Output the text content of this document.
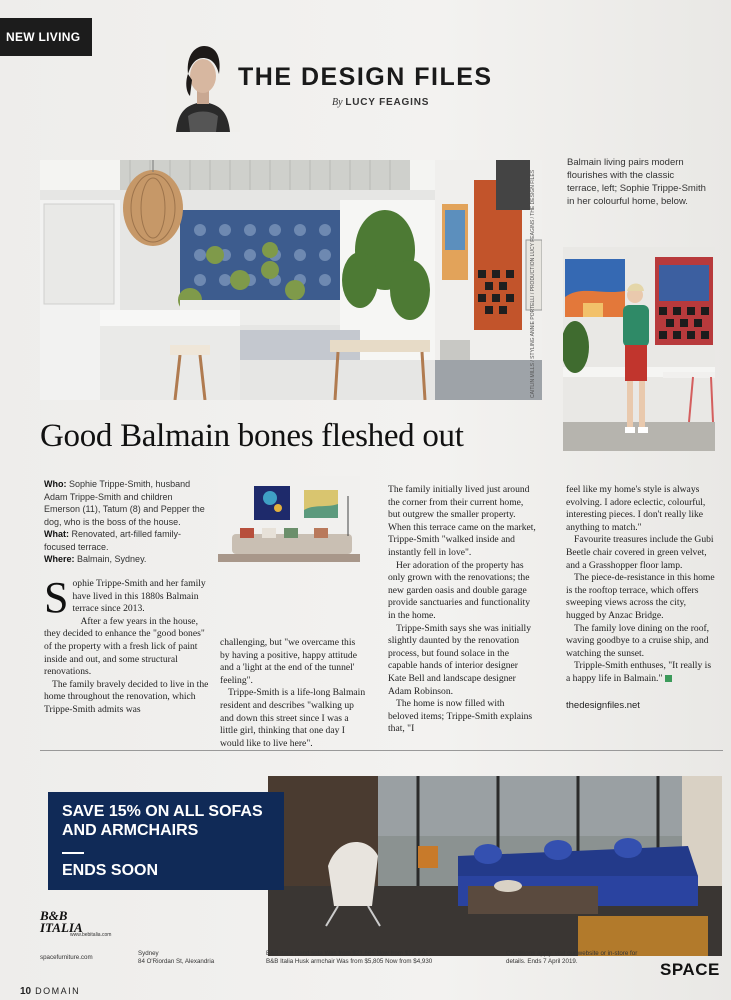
NEW LIVING
THE DESIGN FILES
By LUCY FEAGINS
CAITLIN MILLS / STYLING ANNIE PORTELLI / PRODUCTION LUCY FEAGINS / THE DESIGN FILES
Balmain living pairs modern flourishes with the classic terrace, left; Sophie Trippe-Smith in her colourful home, below.
Good Balmain bones fleshed out
Who: Sophie Trippe-Smith, husband Adam Trippe-Smith and children Emerson (11), Tatum (8) and Pepper the dog, who is the boss of the house.
What: Renovated, art-filled family-focused terrace.
Where: Balmain, Sydney.

Sophie Trippe-Smith and her family have lived in this 1880s Balmain terrace since 2013.

After a few years in the house, they decided to enhance the "good bones" of the property with a fresh lick of paint inside and out, and some structural renovations.

The family bravely decided to live in the home throughout the renovation, which Trippe-Smith admits was

challenging, but "we overcame this by having a positive, happy attitude and a 'light at the end of the tunnel' feeling".

Trippe-Smith is a life-long Balmain resident and describes "walking up and down this street since I was a little girl, thinking that one day I would like to live here".

The family initially lived just around the corner from their current home, but outgrew the smaller property. When this terrace came on the market, Trippe-Smith "walked inside and instantly fell in love".

Her adoration of the property has only grown with the renovations; the new garden oasis and double garage provide sanctuaries and functionality in the home.

Trippe-Smith says she was initially slightly daunted by the renovation process, but found solace in the capable hands of interior designer Kate Bell and landscape designer Adam Robinson.

The home is now filled with beloved items; Trippe-Smith explains that, "I

feel like my home's style is always evolving. I adore eclectic, colourful, interesting pieces. I don't really like anything to match."

Favourite treasures include the Gubi Beetle chair covered in green velvet, and a Grasshopper floor lamp.

The piece-de-resistance in this home is the rooftop terrace, which offers sweeping views across the city, hugged by Anzac Bridge.

The family love dining on the roof, waving goodbye to a cruise ship, and watching the sunset.

Tripple-Smith enthuses, "It really is a happy life in Balmain."

thedesignfiles.net
SAVE 15% ON ALL SOFAS AND ARMCHAIRS
ENDS SOON
B&B
ITALIA
www.bebitalia.com
spacefurniture.com
Sydney
84 O'Riordan St, Alexandria
B&B Italia Bend sofa Was from $21,665 Now from $18,405
B&B Italia Husk armchair Was from $5,805 Now from $4,930
Conditions apply, visit our website or in-store for details. Ends 7 April 2019.	SPACE
10 DOMAIN
